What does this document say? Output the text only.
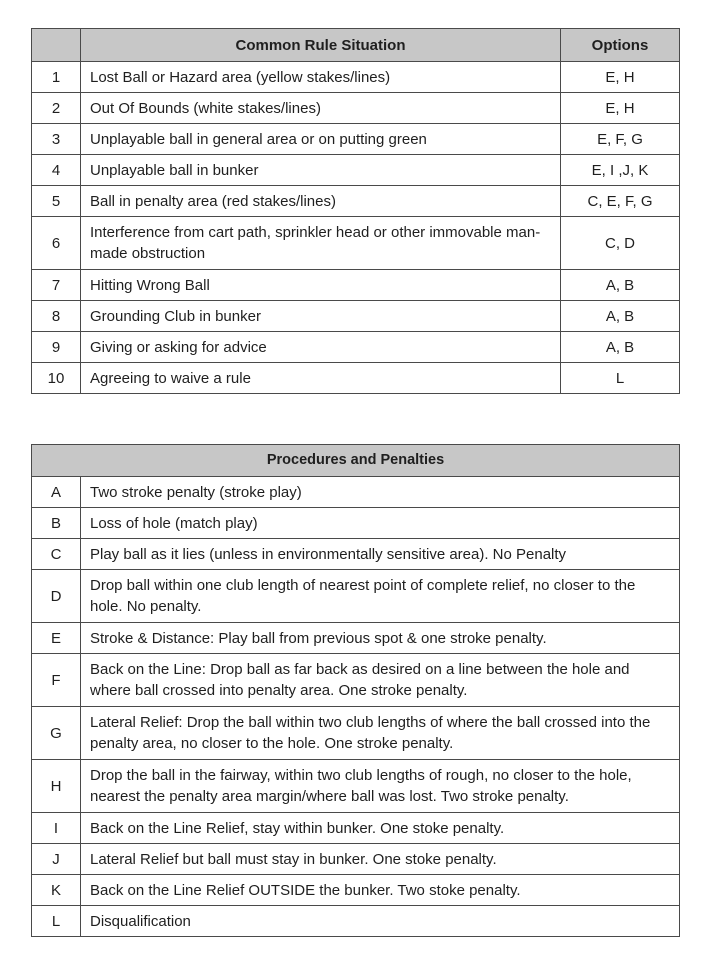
	Common Rule Situation	Options
1	Lost Ball or Hazard area (yellow stakes/lines)	E, H
2	Out Of Bounds (white stakes/lines)	E, H
3	Unplayable ball in general area or on putting green	E, F, G
4	Unplayable ball in bunker	E, I ,J, K
5	Ball in penalty area (red stakes/lines)	C, E, F, G
6	Interference from cart path, sprinkler head or other immovable man-made obstruction	C, D
7	Hitting Wrong Ball	A, B
8	Grounding Club in bunker	A, B
9	Giving or asking for advice	A, B
10	Agreeing to waive a rule	L
Procedures and Penalties	
A	Two stroke penalty (stroke play)
B	Loss of hole (match play)
C	Play ball as it lies (unless in environmentally sensitive area). No Penalty
D	Drop ball within one club length of nearest point of complete relief, no closer to the hole. No penalty.
E	Stroke & Distance: Play ball from previous spot & one stroke penalty.
F	Back on the Line: Drop ball as far back as desired on a line between the hole and where ball crossed into penalty area. One stroke penalty.
G	Lateral Relief: Drop the ball within two club lengths of where the ball crossed into the penalty area, no closer to the hole. One stroke penalty.
H	Drop the ball in the fairway, within two club lengths of rough, no closer to the hole, nearest the penalty area margin/where ball was lost. Two stroke penalty.
I	Back on the Line Relief, stay within bunker. One stoke penalty.
J	Lateral Relief but ball must stay in bunker. One stoke penalty.
K	Back on the Line Relief OUTSIDE the bunker. Two stoke penalty.
L	Disqualification
